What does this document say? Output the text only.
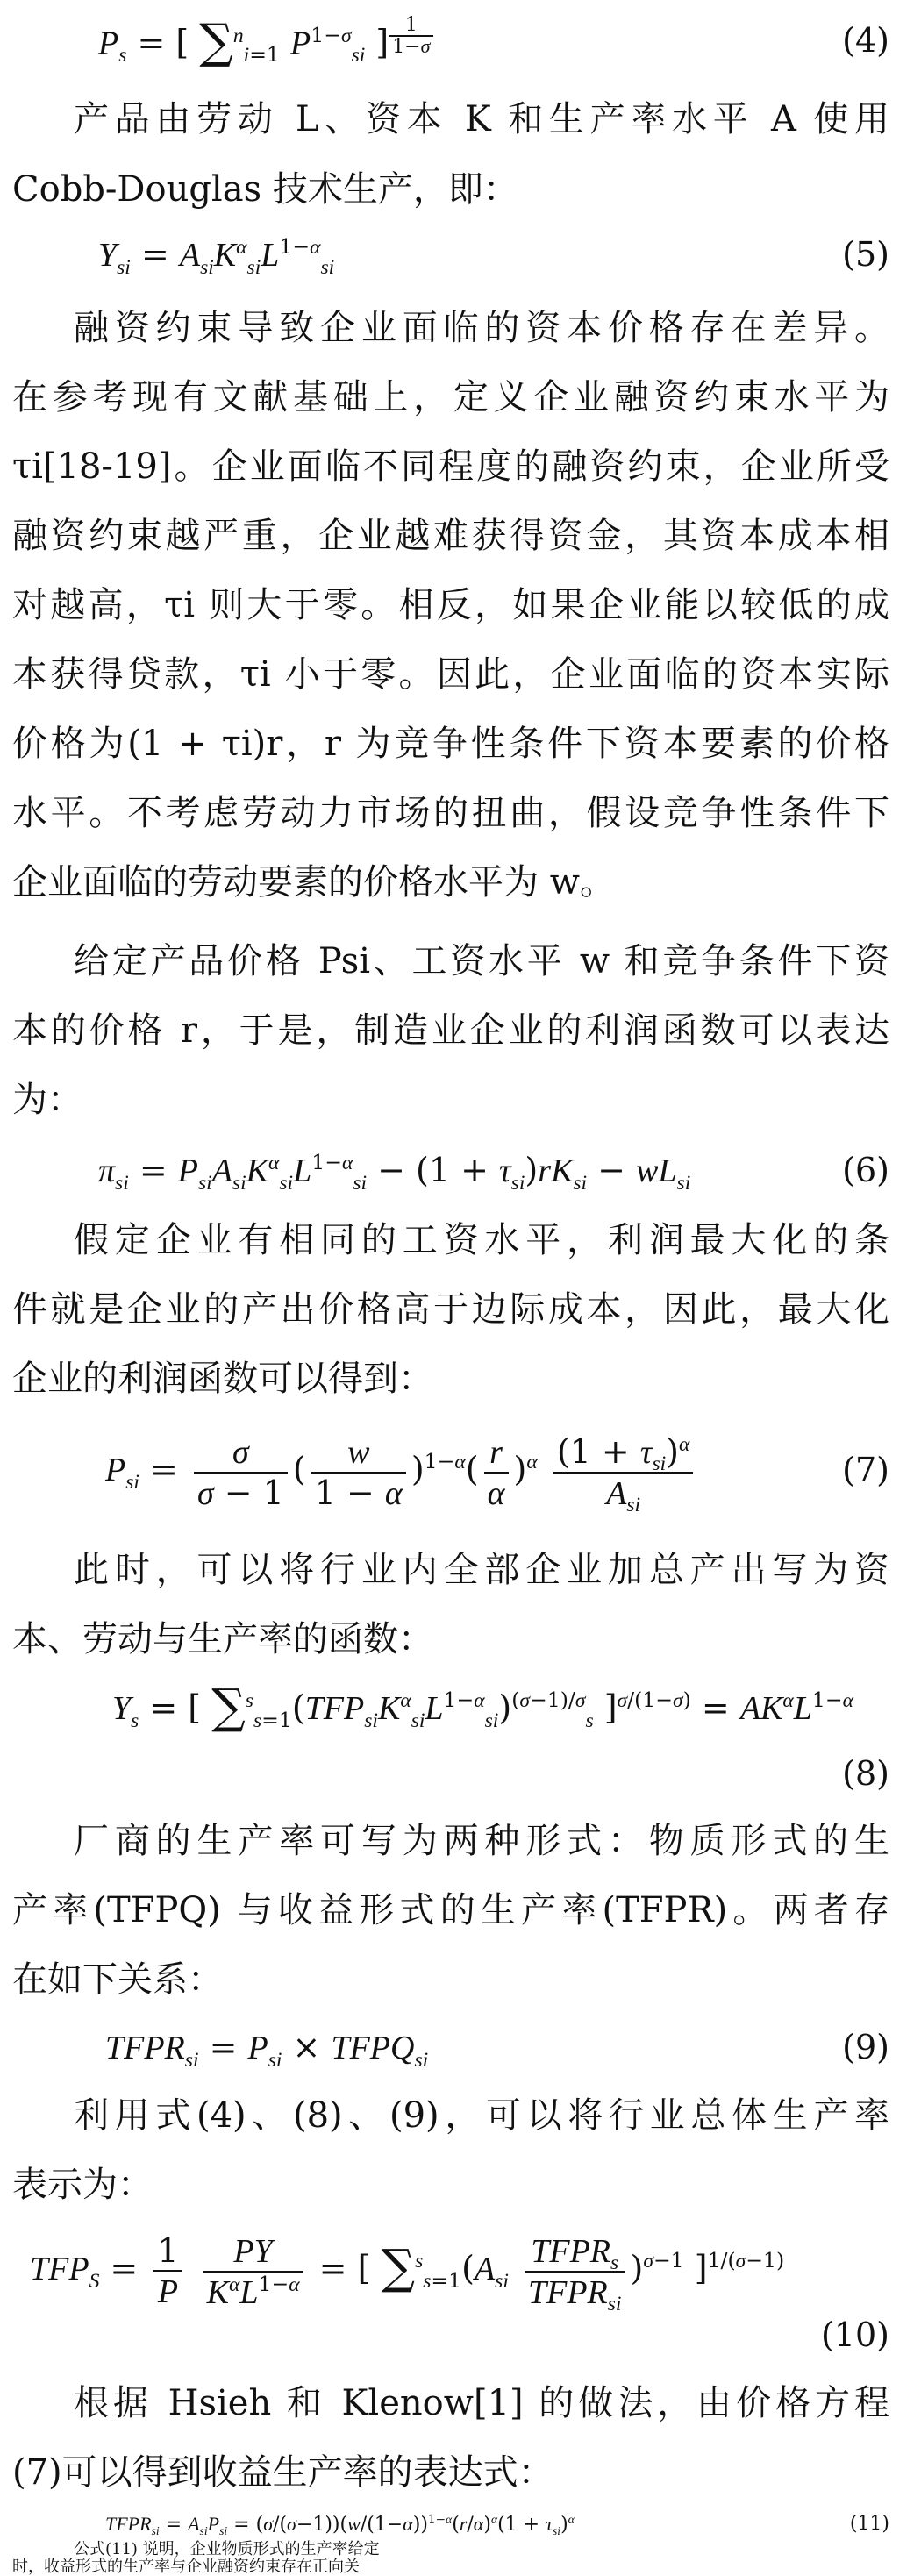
$P_s$ = [ ∑$^n_{i=1}$ $P^{1-\sigma}_{si}$ ] $^{\frac{1}{1-\sigma}}$	(4)
产品由劳动 L、资本 K 和生产率水平 A 使用
Cobb-Douglas 技术生产，即：
$Y_{si} = A_{si}K^\alpha_{si}L^{1-\alpha}_{si}$	(5)
融资约束导致企业面临的资本价格存在差异。
在参考现有文献基础上，定义企业融资约束水平为
τi[18-19]。企业面临不同程度的融资约束，企业所受
融资约束越严重，企业越难获得资金，其资本成本相
对越高，τi 则大于零。相反，如果企业能以较低的成
本获得贷款，τi 小于零。因此，企业面临的资本实际
价格为(1 + τi)r，r 为竞争性条件下资本要素的价格
水平。不考虑劳动力市场的扭曲，假设竞争性条件下
企业面临的劳动要素的价格水平为 w。
给定产品价格 Psi、工资水平 w 和竞争条件下资
本的价格 r，于是，制造业企业的利润函数可以表达
为：
$\pi_{si} = P_{si}A_{si}K^\alpha_{si}L^{1-\alpha}_{si} - (1 + \tau_{si})rK_{si} - wL_{si}$	(6)
假定企业有相同的工资水平，利润最大化的条
件就是企业的产出价格高于边际成本，因此，最大化
企业的利润函数可以得到：
$P_{si} = \frac{\sigma}{\sigma - 1}$ ( $\frac{w}{1 - \alpha} )^{1-\alpha}( \frac{r}{\alpha} )^\alpha \frac{(1 + \tau_{si})^\alpha}{A_{si}}$	(7)
此时，可以将行业内全部企业加总产出写为资
本、劳动与生产率的函数：
$Y_s$ = [ $\sum^s_{s=1}(TFP_{si}K^\alpha_{si}L^{1-\alpha}_{si})^{(\sigma-1)/\sigma}_s$ ]$^{\sigma/(1-\sigma)} = AK^\alpha L^{1-\alpha}$
(8)
厂商的生产率可写为两种形式：物质形式的生
产率(TFPQ) 与收益形式的生产率(TFPR)。两者存
在如下关系：
$TFPR_{si} = P_{si}$ × $TFPQ_{si}$	(9)
利用式(4)、(8)、(9)，可以将行业总体生产率
表示为：
$TFP_S = \frac{1}{P}$
$\frac{PY}{K^\alpha L^{1-\alpha}}$ = [ $\sum^s_{s=1}(A_{si} \frac{TFPR_s}{TFPR_{si}} )^{\sigma-1}$ ]$^{1/(\sigma-1)}$
(10)
根据 Hsieh 和 Klenow[1] 的做法，由价格方程
(7)可以得到收益生产率的表达式：
$TFPR_{si} = A_{si}P_{si} = (\sigma/(\sigma-1))(w/(1-\alpha))^{1-\alpha}(r/\alpha)^\alpha(1 + \tau_{si})^\alpha$	(11)
公式(11) 说明，企业物质形式的生产率给定
时，收益形式的生产率与企业融资约束存在正向关
